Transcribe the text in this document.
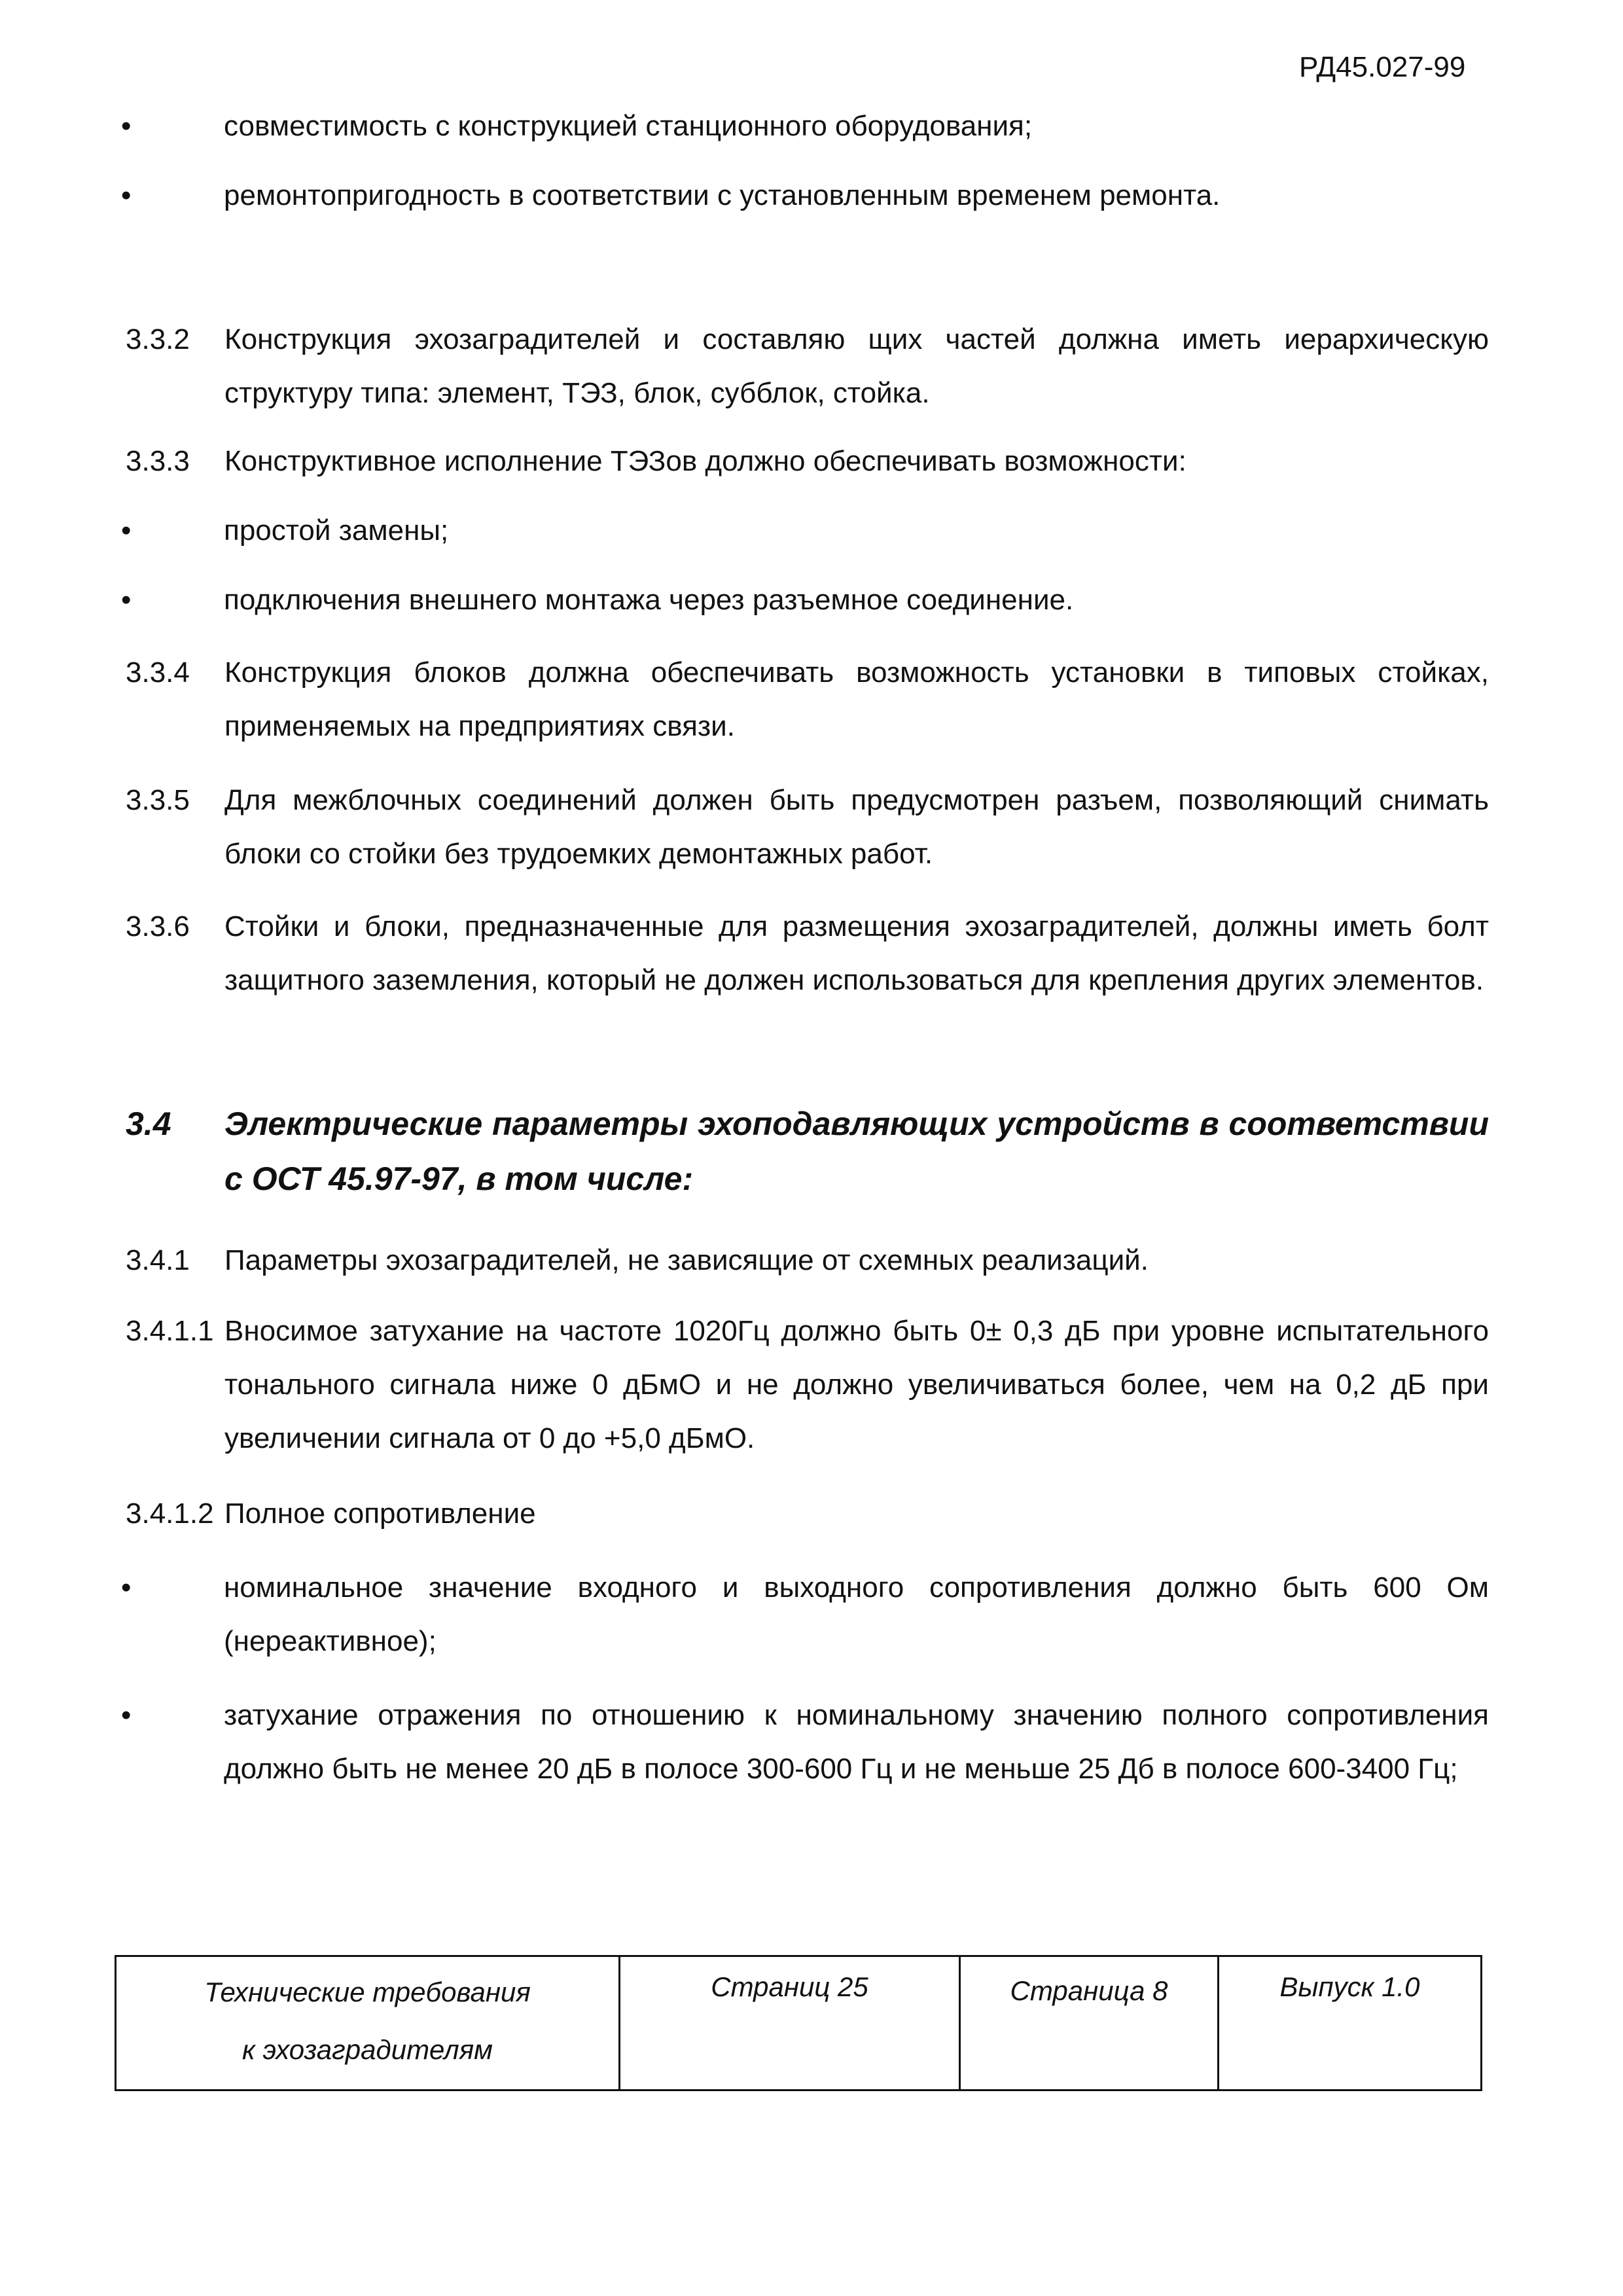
РД45.027-99
•	совместимость с конструкцией станционного оборудования;
•	ремонтопригодность в соответствии с установленным временем ремонта.
3.3.2 Конструкция эхозаградителей и составляю щих частей должна иметь иерархическую структуру типа: элемент, ТЭЗ, блок, субблок, стойка.
3.3.3 Конструктивное исполнение ТЭЗов должно обеспечивать возможности:
•	простой замены;
•	подключения внешнего монтажа через разъемное соединение.
3.3.4 Конструкция блоков должна обеспечивать возможность установки в типовых стойках, применяемых на предприятиях связи.
3.3.5 Для межблочных соединений должен быть предусмотрен разъем, позволяющий снимать блоки со стойки без трудоемких демонтажных работ.
3.3.6 Стойки и блоки, предназначенные для размещения эхозаградителей, должны иметь болт защитного заземления, который не должен использоваться для крепления других элементов.
3.4 Электрические параметры эхоподавляющих устройств в соответствии с ОСТ 45.97-97, в том числе:
3.4.1 Параметры эхозаградителей, не зависящие от схемных реализаций.
3.4.1.1 Вносимое затухание на частоте 1020Гц должно быть 0± 0,3 дБ при уровне испытательного тонального сигнала ниже 0 дБмО и не должно увеличиваться более, чем на 0,2 дБ при увеличении сигнала от 0 до +5,0 дБмО.
3.4.1.2 Полное сопротивление
•	номинальное значение входного и выходного сопротивления должно быть 600 Ом (нереактивное);
•	затухание отражения по отношению к номинальному значению полного сопротивления должно быть не менее 20 дБ в полосе 300-600 Гц и не меньше 25 Дб в полосе 600-3400 Гц;
Технические требования
к эхозаградителям
	Страниц 25	Страница 8	Выпуск 1.0
